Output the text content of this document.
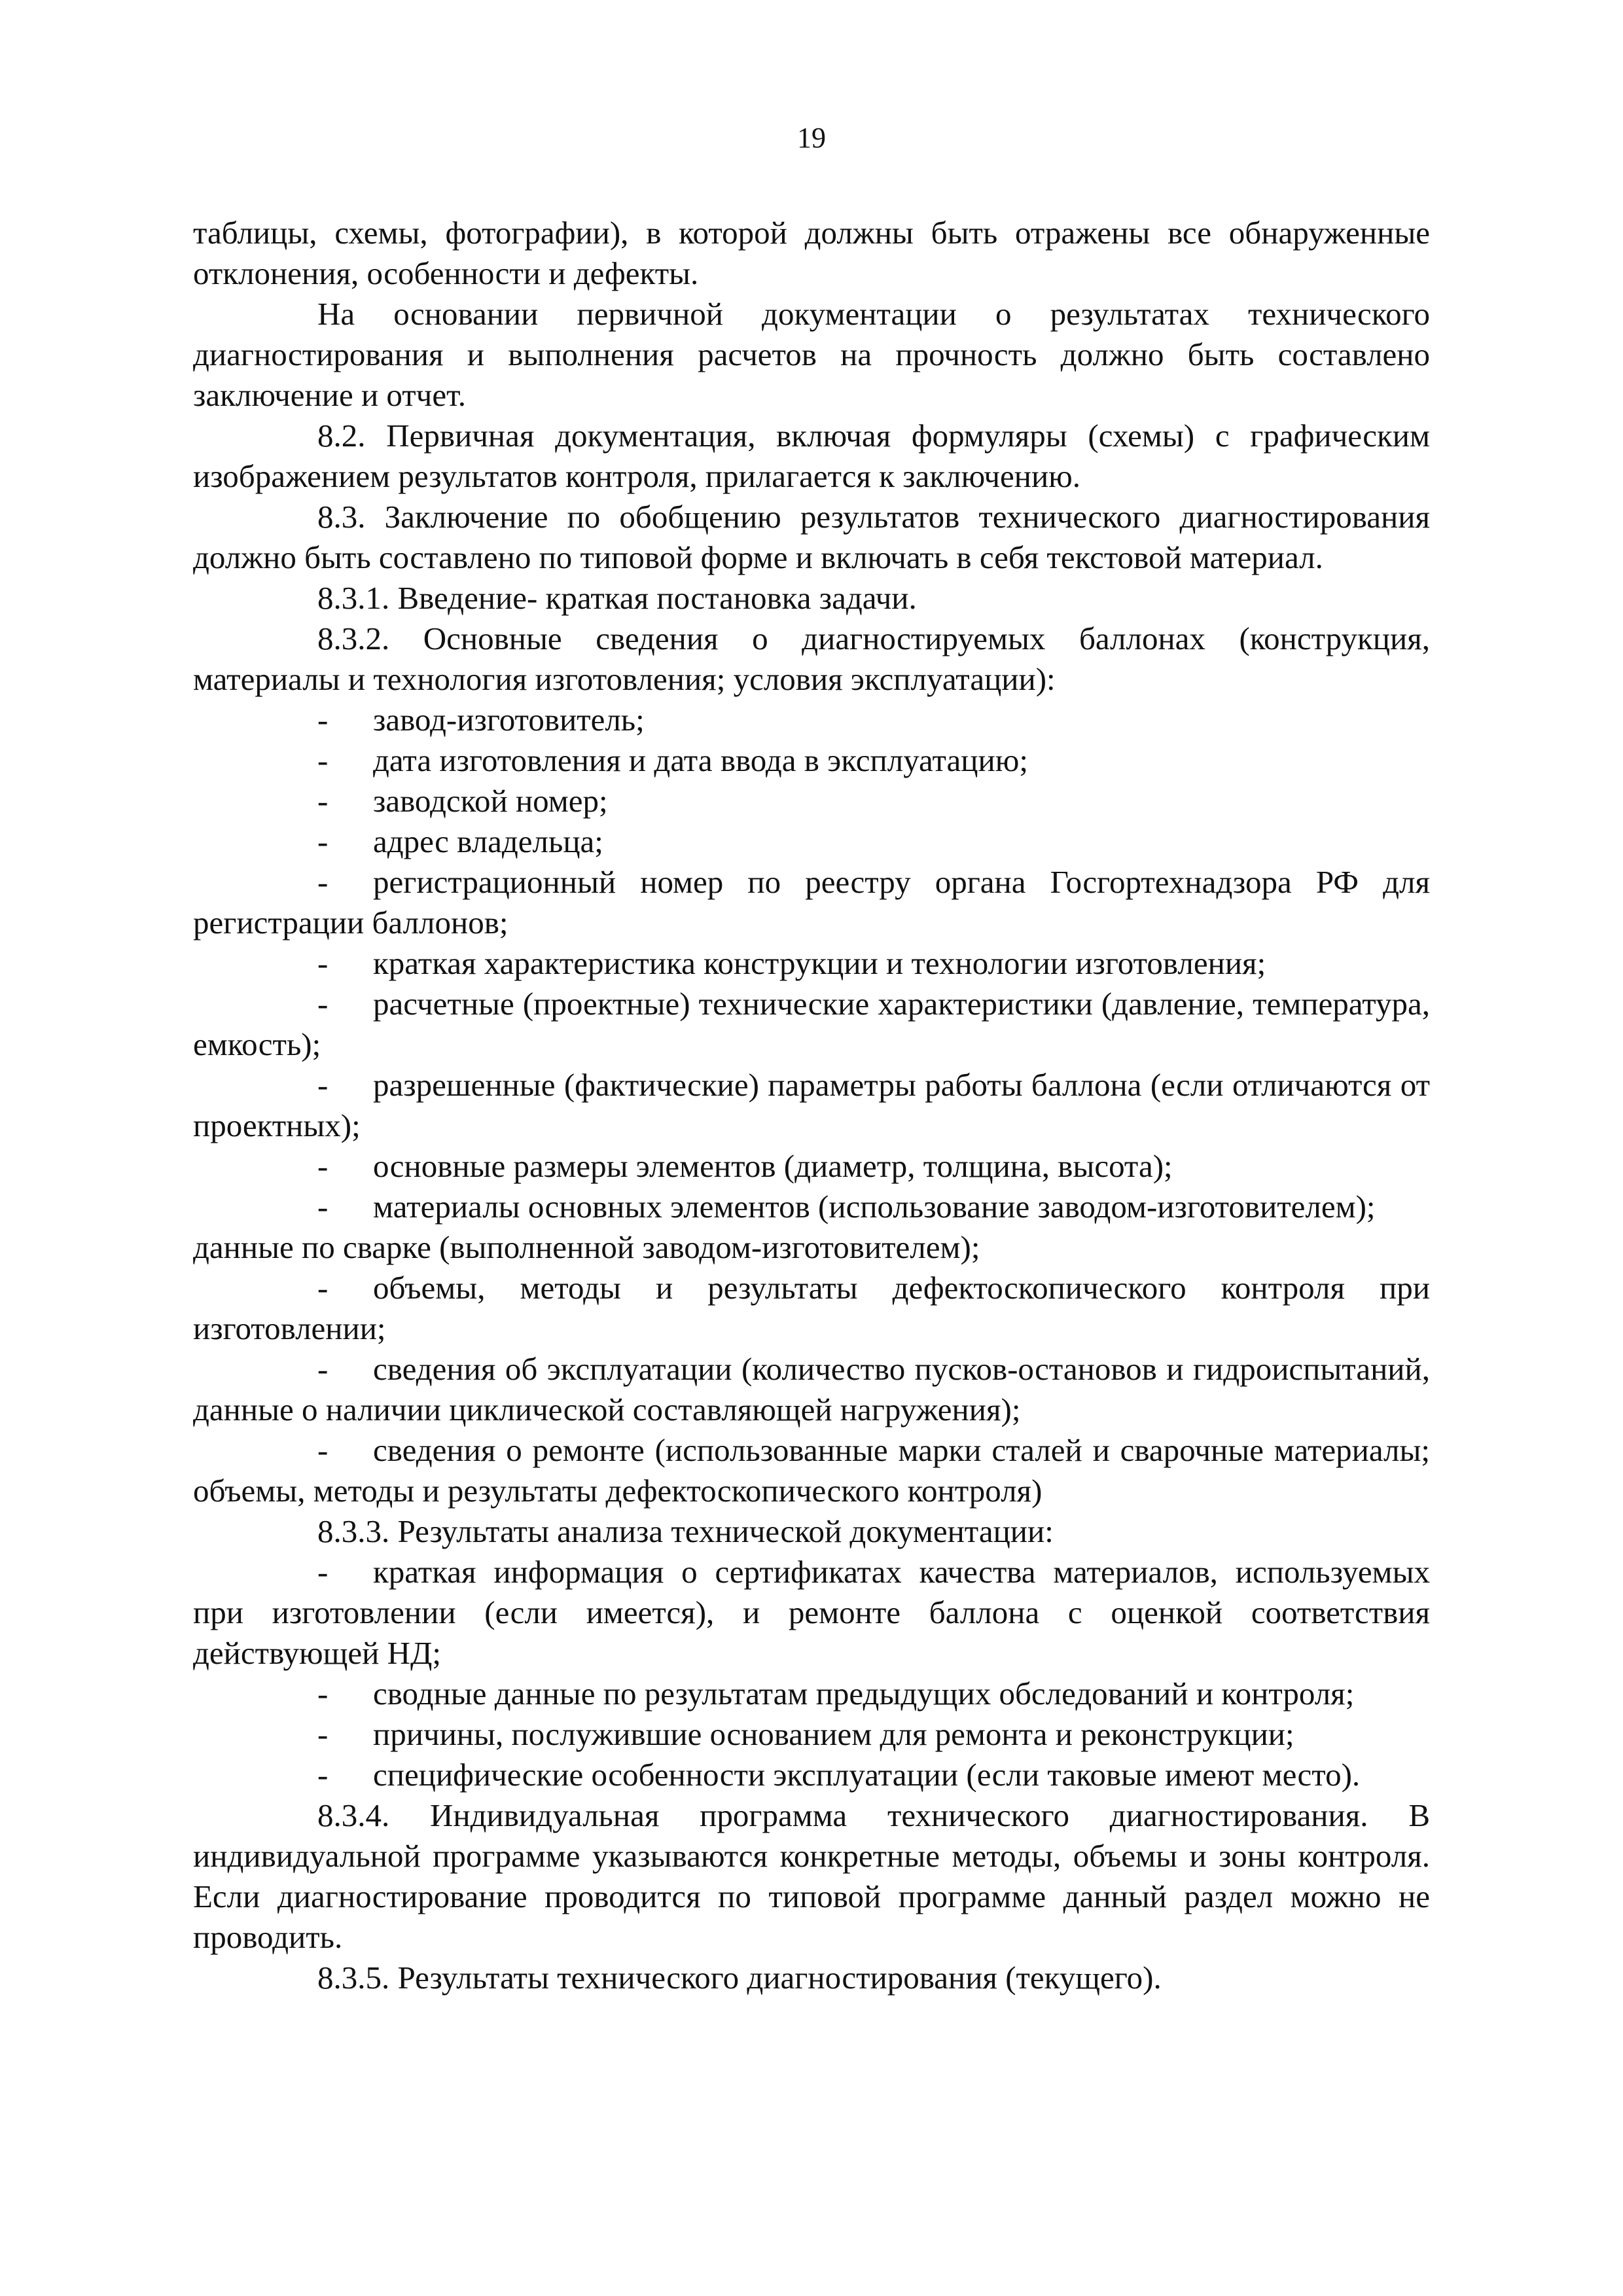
19

таблицы, схемы, фотографии), в которой должны быть отражены все обнаруженные отклонения, особенности и дефекты.

На основании первичной документации о результатах технического диагностирования и выполнения расчетов на прочность должно быть составлено заключение и отчет.

8.2. Первичная документация, включая формуляры (схемы) с графическим изображением результатов контроля, прилагается к заключению.

8.3. Заключение по обобщению результатов технического диагностирования должно быть составлено по типовой форме и включать в себя текстовой материал.

8.3.1. Введение- краткая постановка задачи.

8.3.2. Основные сведения о диагностируемых баллонах (конструкция, материалы и технология изготовления; условия эксплуатации):

- завод-изготовитель;

- дата изготовления и дата ввода в эксплуатацию;

- заводской номер;

- адрес владельца;

- регистрационный номер по реестру органа Госгортехнадзора РФ для регистрации баллонов;

- краткая характеристика конструкции и технологии изготовления;

- расчетные (проектные) технические характеристики (давление, температура, емкость);

- разрешенные (фактические) параметры работы баллона (если отличаются от проектных);

- основные размеры элементов (диаметр, толщина, высота);

- материалы основных элементов (использование заводом-изготовителем);

данные по сварке (выполненной заводом-изготовителем);

- объемы, методы и результаты дефектоскопического контроля при изготовлении;

- сведения об эксплуатации (количество пусков-остановов и гидроиспытаний, данные о наличии циклической составляющей нагружения);

- сведения о ремонте (использованные марки сталей и сварочные материалы; объемы, методы и результаты дефектоскопического контроля)

8.3.3. Результаты анализа технической документации:

- краткая информация о сертификатах качества материалов, используемых при изготовлении (если имеется), и ремонте баллона с оценкой соответствия действующей НД;

- сводные данные по результатам предыдущих обследований и контроля;

- причины, послужившие основанием для ремонта и реконструкции;

- специфические особенности эксплуатации (если таковые имеют место).

8.3.4. Индивидуальная программа технического диагностирования. В индивидуальной программе указываются конкретные методы, объемы и зоны контроля. Если диагностирование проводится по типовой программе данный раздел можно не проводить.

8.3.5. Результаты технического диагностирования (текущего).
